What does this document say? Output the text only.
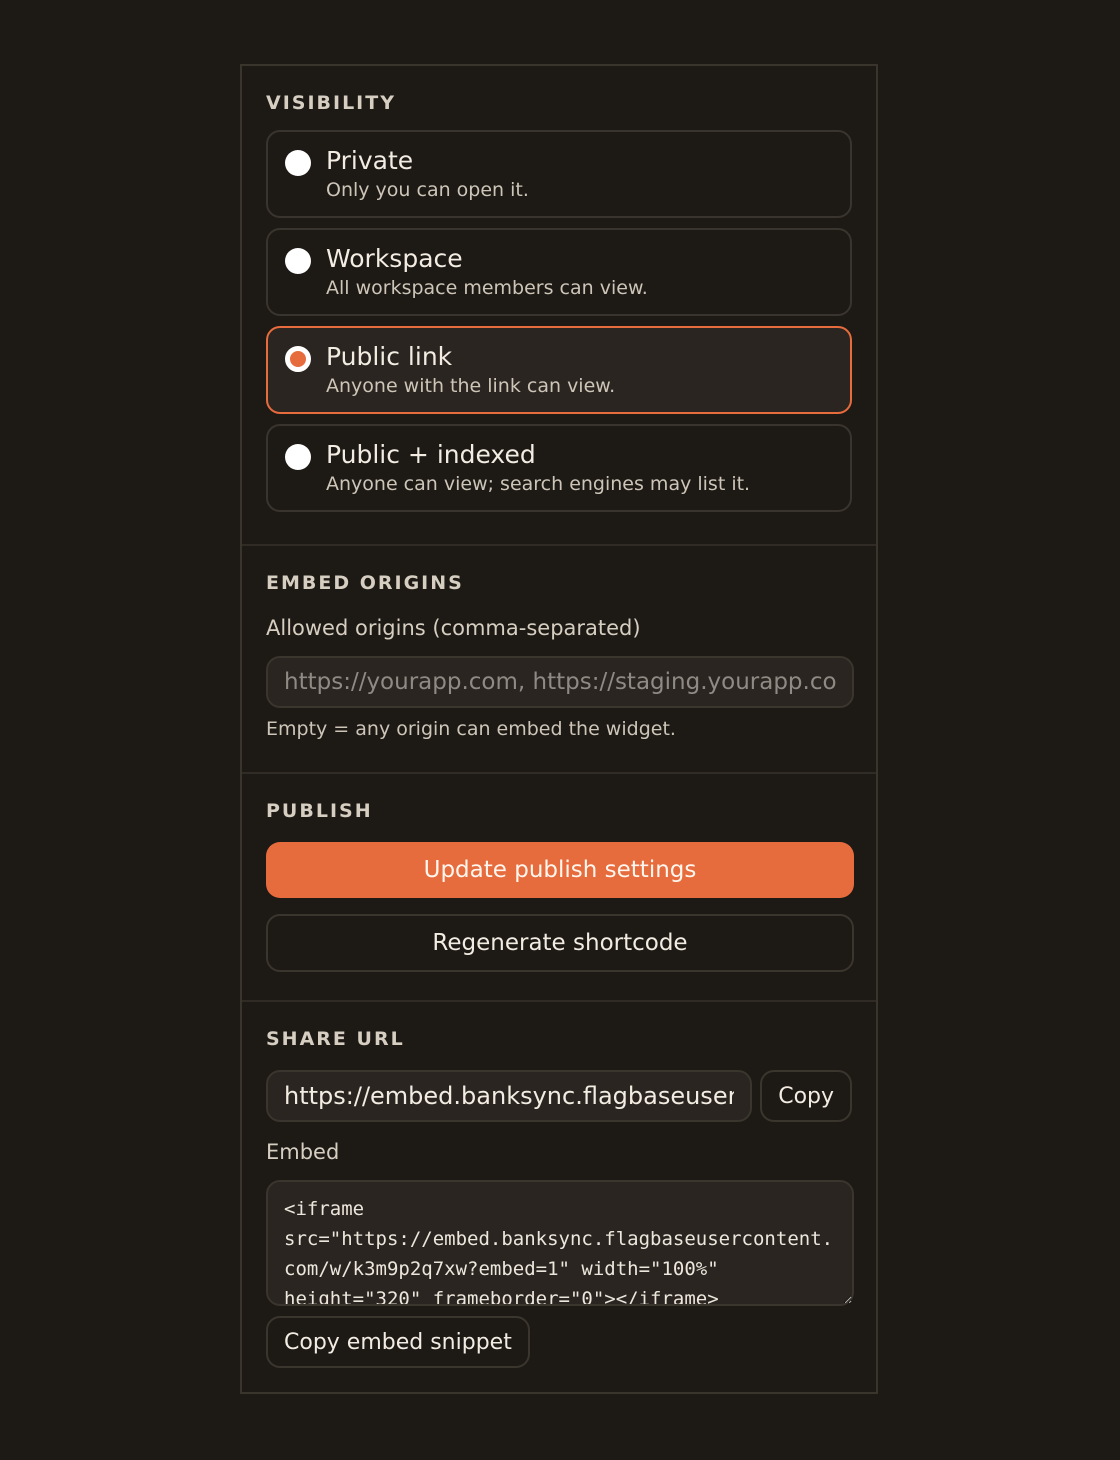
VISIBILITY
Private
Only you can open it.
Workspace
All workspace members can view.
Public link
Anyone with the link can view.
Public + indexed
Anyone can view; search engines may list it.
EMBED ORIGINS
Allowed origins (comma-separated)
https://yourapp.com, https://staging.yourapp.com
Empty = any origin can embed the widget.
PUBLISH
Update publish settings
Regenerate shortcode
SHARE URL
https://embed.banksync.flagbaseusercontent.com/w/k3m9p2q7xw
Copy
Embed
<iframe src="https://embed.banksync.flagbaseusercontent.com/w/k3m9p2q7xw?embed=1" width="100%" height="320" frameborder="0"></iframe> Copy embed snippet
